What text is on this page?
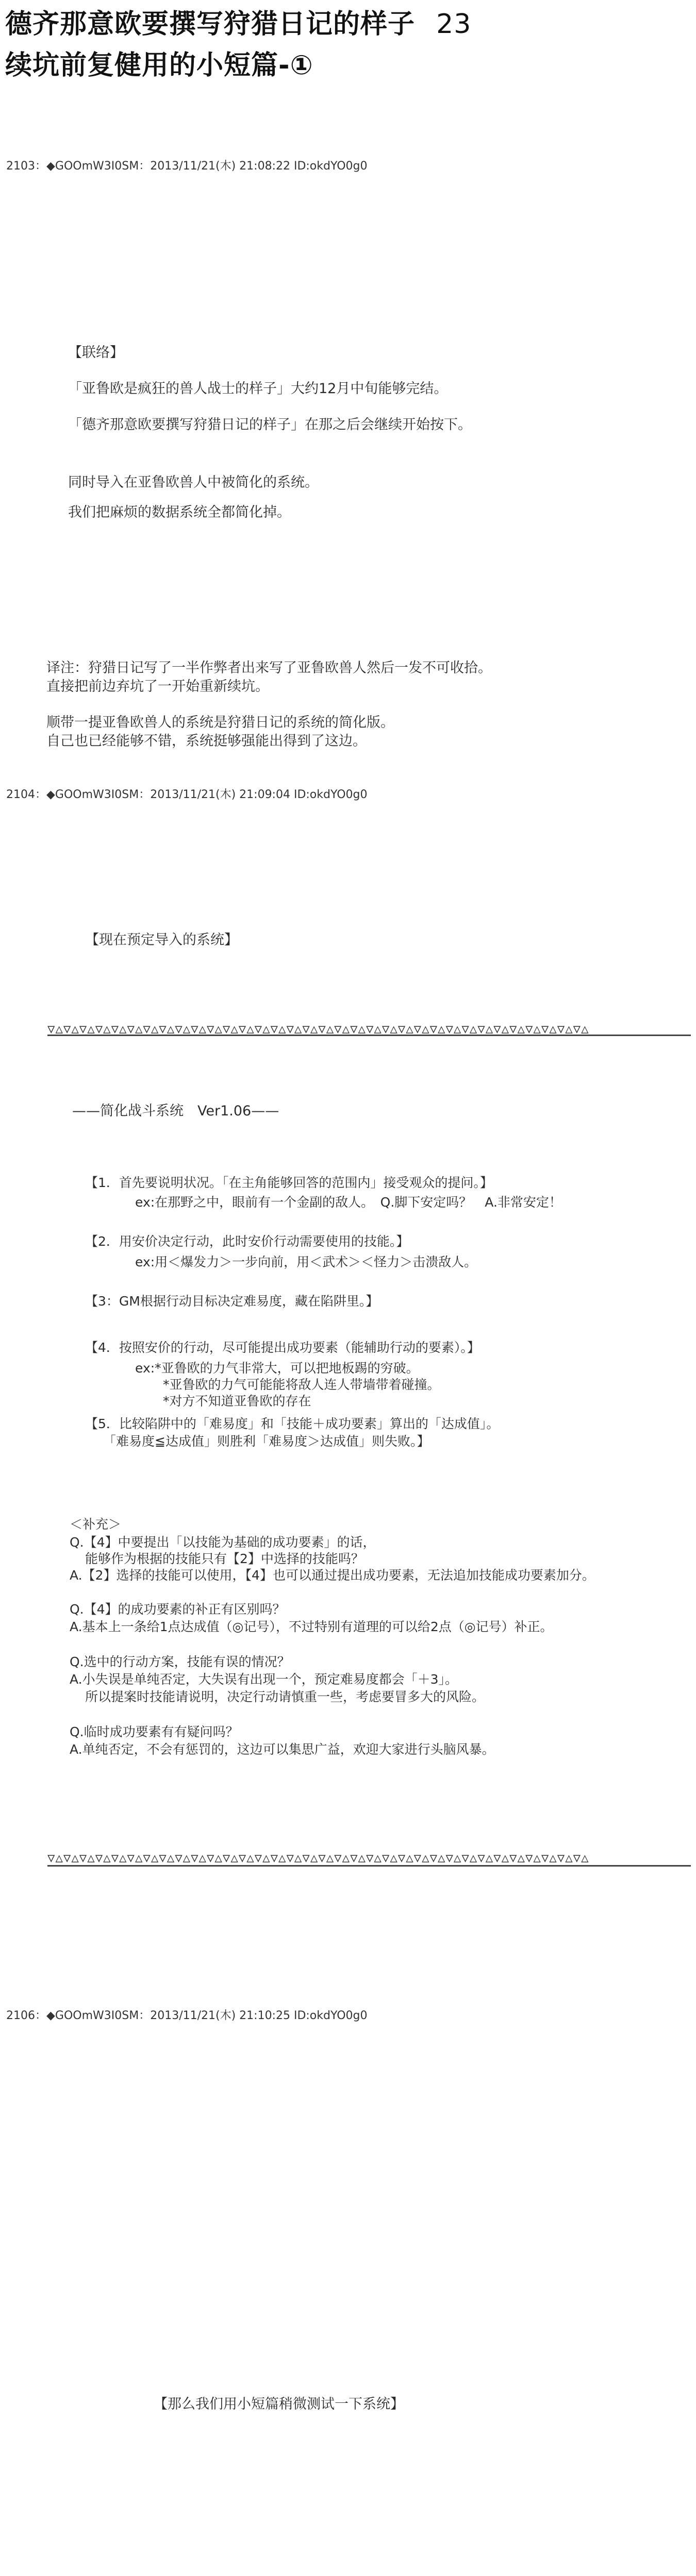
德齐那意欧要撰写狩猎日记的样子 23
续坑前复健用的小短篇-①
2103：◆GOOmW3I0SM：2013/11/21(木) 21:08:22 ID:okdYO0g0
【联络】
「亚鲁欧是疯狂的兽人战士的样子」大约12月中旬能够完结。
「德齐那意欧要撰写狩猎日记的样子」在那之后会继续开始按下。
同时导入在亚鲁欧兽人中被简化的系统。
我们把麻烦的数据系统全都简化掉。
译注：狩猎日记写了一半作弊者出来写了亚鲁欧兽人然后一发不可收拾。
直接把前边弃坑了一开始重新续坑。
顺带一提亚鲁欧兽人的系统是狩猎日记的系统的简化版。
自己也已经能够不错，系统挺够强能出得到了这边。
2104：◆GOOmW3I0SM：2013/11/21(木) 21:09:04 ID:okdYO0g0
【现在预定导入的系统】
▽△▽△▽△▽△▽△▽△▽△▽△▽△▽△▽△▽△▽△▽△▽△▽△▽△▽△▽△▽△▽△▽△▽△▽△▽△▽△▽△▽△▽△▽△▽△▽△▽△▽△
——简化战斗系统　Ver1.06——
【1．首先要说明状况。「在主角能够回答的范围内」接受观众的提问。】
ex:在那野之中，眼前有一个金副的敌人。　Q.脚下安定吗？　A.非常安定！
【2．用安价决定行动，此时安价行动需要使用的技能。】
ex:用＜爆发力＞一步向前，用＜武术＞＜怪力＞击溃敌人。
【3：GM根据行动目标决定难易度，藏在陷阱里。】
【4．按照安价的行动，尽可能提出成功要素（能辅助行动的要素）。】
ex:*亚鲁欧的力气非常大，可以把地板踢的穷破。
*亚鲁欧的力气可能能将敌人连人带墙带着碰撞。
*对方不知道亚鲁欧的存在
【5．比较陷阱中的「难易度」和「技能＋成功要素」算出的「达成值」。
「难易度≦达成值」则胜利「难易度＞达成值」则失败。】
＜补充＞
Q.【4】中要提出「以技能为基础的成功要素」的话，
能够作为根据的技能只有【2】中选择的技能吗？
A.【2】选择的技能可以使用，【4】也可以通过提出成功要素，无法追加技能成功要素加分。
Q.【4】的成功要素的补正有区别吗？
A.基本上一条给1点达成值（◎记号），不过特别有道理的可以给2点（◎记号）补正。
Q.选中的行动方案，技能有误的情况？
A.小失误是单纯否定，大失误有出现一个，预定难易度都会「＋3」。
所以提案时技能请说明，决定行动请慎重一些，考虑要冒多大的风险。
Q.临时成功要素有有疑问吗？
A.单纯否定，不会有惩罚的，这边可以集思广益，欢迎大家进行头脑风暴。
▽△▽△▽△▽△▽△▽△▽△▽△▽△▽△▽△▽△▽△▽△▽△▽△▽△▽△▽△▽△▽△▽△▽△▽△▽△▽△▽△▽△▽△▽△▽△▽△▽△▽△
2106：◆GOOmW3I0SM：2013/11/21(木) 21:10:25 ID:okdYO0g0
【那么我们用小短篇稍微测试一下系统】
